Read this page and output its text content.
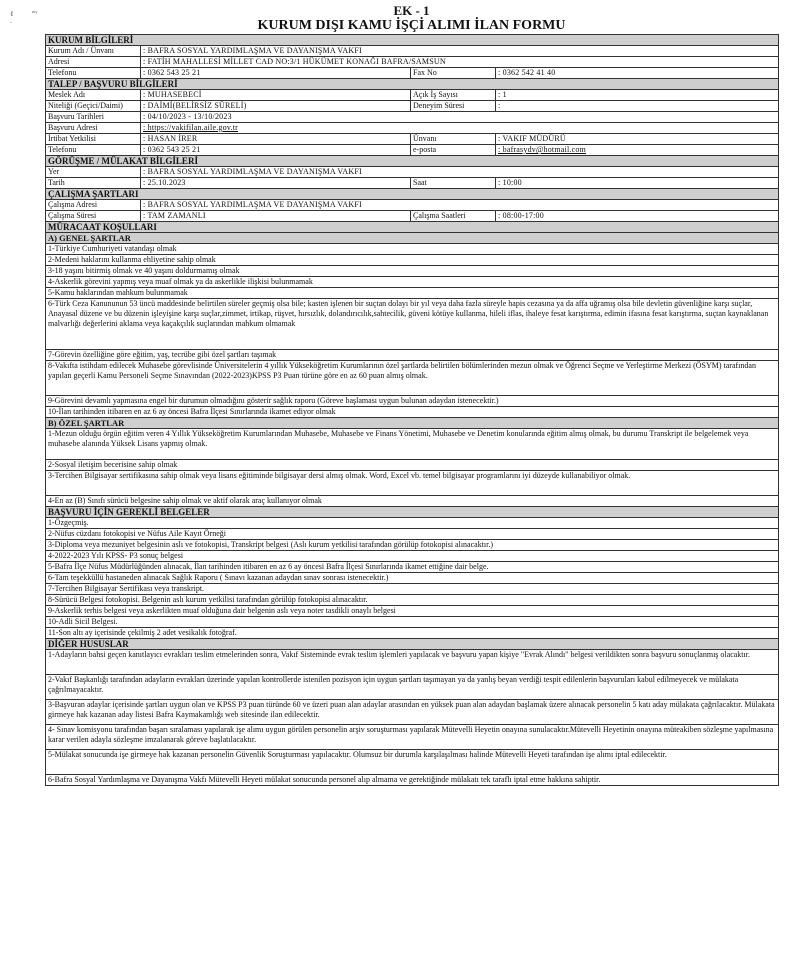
ℓ	ᵐᵞ
.
EK - 1
KURUM DIŞI KAMU İŞÇİ ALIMI İLAN FORMU
KURUM BİLGİLERİ			
Kurum Adı / Ünvanı	: BAFRA SOSYAL YARDIMLAŞMA VE DAYANIŞMA VAKFI		
Adresi	: FATİH MAHALLESİ MİLLET CAD NO:3/1 HÜKÜMET KONAĞI BAFRA/SAMSUN		
Telefonu	: 0362 543 25 21	Fax No	: 0362 542 41 40
TALEP / BAŞVURU BİLGİLERİ			
Meslek Adı	: MUHASEBECİ	Açık İş Sayısı	: 1
Niteliği (Geçici/Daimi)	: DAİMİ(BELİRSİZ SÜRELİ)	Deneyim Süresi	:
Başvuru Tarihleri	: 04/10/2023 - 13/10/2023		
Başvuru Adresi	: https://vakifilan.aile.gov.tr		
İrtibat Yetkilisi	: HASAN İRER	Ünvanı	: VAKIF MÜDÜRÜ
Telefonu	: 0362 543 25 21	e-posta	: bafrasydv@hotmail.com
GÖRÜŞME / MÜLAKAT BİLGİLERİ			
Yer	: BAFRA SOSYAL YARDIMLAŞMA VE DAYANIŞMA VAKFI		
Tarih	: 25.10.2023	Saat	: 10:00
ÇALIŞMA ŞARTLARI			
Çalışma Adresi	: BAFRA SOSYAL YARDIMLAŞMA VE DAYANIŞMA VAKFI		
Çalışma Süresi	: TAM ZAMANLI	Çalışma Saatleri	: 08:00-17:00
MÜRACAAT KOŞULLARI			
A) GENEL ŞARTLAR			
1-Türkiye Cumhuriyeti vatandaşı olmak			
2-Medeni haklarını kullanma ehliyetine sahip olmak			
3-18 yaşını bitirmiş olmak ve 40 yaşını doldurmamış olmak			
4-Askerlik görevini yapmış veya muaf olmak ya da askerlikle ilişkisi bulunmamak			
5-Kamu haklarından mahkum bulunmamak			
6-Türk Ceza Kanununun 53 üncü maddesinde belirtilen süreler geçmiş olsa bile; kasten işlenen bir suçtan dolayı bir yıl veya daha fazla süreyle hapis cezasına ya da affa uğramış olsa bile devletin güvenliğine karşı suçlar, Anayasal düzene ve bu düzenin işleyişine karşı suçlar,zimmet, irtikap, rüşvet, hırsızlık, dolandırıcılık,sahtecilik, güveni kötüye kullanma, hileli iflas, ihaleye fesat karıştırma, edimin ifasına fesat karıştırma, suçtan kaynaklanan malvarlığı değerlerini aklama veya kaçakçılık suçlarından mahkum olmamak			
7-Görevin özelliğine göre eğitim, yaş, tecrübe gibi özel şartları taşımak			
8-Vakıfta istihdam edilecek Muhasebe görevlisinde Üniversitelerin 4 yıllık Yükseköğretim Kurumlarının özel şartlarda belirtilen bölümlerinden mezun olmak ve Öğrenci Seçme ve Yerleştirme Merkezi (ÖSYM) tarafından yapılan geçerli Kamu Personeli Seçme Sınavından (2022-2023)KPSS P3 Puan türüne göre en az 60 puan almış olmak.			
9-Görevini devamlı yapmasına engel bir durumun olmadığını gösterir sağlık raporu (Göreve başlaması uygun bulunan adaydan istenecektir.)			
10-İlan tarihinden itibaren en az 6 ay öncesi Bafra İlçesi Sınırlarında ikamet ediyor olmak			
B) ÖZEL ŞARTLAR			
1-Mezun olduğu örgün eğitim veren 4 Yıllık Yükseköğretim Kurumlarından Muhasebe, Muhasebe ve Finans Yönetimi, Muhasebe ve Denetim konularında eğitim almış olmak, bu durumu Transkript ile belgelemek veya muhasebe alanında Yüksek Lisans yapmış olmak.			
2-Sosyal iletişim becerisine sahip olmak			
3-Tercihen Bilgisayar sertifikasına sahip olmak veya lisans eğitiminde bilgisayar dersi almış olmak. Word, Excel vb. temel bilgisayar programlarını iyi düzeyde kullanabiliyor olmak.			
4-En az (B) Sınıfı sürücü belgesine sahip olmak ve aktif olarak araç kullanıyor olmak			
BAŞVURU İÇİN GEREKLİ BELGELER			
1-Özgeçmiş.			
2-Nüfus cüzdanı fotokopisi ve Nüfus Aile Kayıt Örneği			
3-Diploma veya mezuniyet belgesinin aslı ve fotokopisi, Transkript belgesi (Aslı kurum yetkilisi tarafından görülüp fotokopisi alınacaktır.)			
4-2022-2023 Yılı KPSS- P3 sonuç belgesi			
5-Bafra İlçe Nüfus Müdürlüğünden alınacak, İlan tarihinden itibaren en az 6 ay öncesi Bafra İlçesi Sınırlarında ikamet ettiğine dair belge.			
6-Tam teşekküllü hastaneden alınacak Sağlık Raporu ( Sınavı kazanan adaydan sınav sonrası istenecektir.)			
7-Tercihen Bilgisayar Sertifikası veya transkript.			
8-Sürücü Belgesi fotokopisi. Belgenin aslı kurum yetkilisi tarafından görülüp fotokopisi alınacaktır.			
9-Askerlik terhis belgesi veya askerlikten muaf olduğuna dair belgenin aslı veya noter tasdikli onaylı belgesi			
10-Adli Sicil Belgesi.			
11-Son altı ay içerisinde çekilmiş 2 adet vesikalık fotoğraf.			
DİĞER HUSUSLAR			
1-Adayların bahsi geçen kanıtlayıcı evrakları teslim etmelerinden sonra, Vakıf Sisteminde evrak teslim işlemleri yapılacak ve başvuru yapan kişiye "Evrak Alındı" belgesi verildikten sonra başvuru sonuçlanmış olacaktır.			
2-Vakıf Başkanlığı tarafından adayların evrakları üzerinde yapılan kontrollerde istenilen pozisyon için uygun şartları taşımayan ya da yanlış beyan verdiği tespit edilenlerin başvuruları kabul edilmeyecek ve mülakata çağrılmayacaktır.			
3-Başvuran adaylar içerisinde şartları uygun olan ve KPSS P3 puan türünde 60 ve üzeri puan alan adaylar arasından en yüksek puan alan adaydan başlamak üzere alınacak personelin 5 katı aday mülakata çağrılacaktır. Mülakata girmeye hak kazanan aday listesi Bafra Kaymakamlığı web sitesinde ilan edilecektir.			
4- Sınav komisyonu tarafından başarı sıralaması yapılarak işe alımı uygun görülen personelin arşiv soruşturması yapılarak Mütevelli Heyetin onayına sunulacaktır.Mütevelli Heyetinin onayına müteakiben sözleşme yapılmasına karar verilen adayla sözleşme imzalanarak göreve başlatılacaktır.			
5-Mülakat sonucunda işe girmeye hak kazanan personelin Güvenlik Soruşturması yapılacaktır. Olumsuz bir durumla karşılaşılması halinde Mütevelli Heyeti tarafından işe alımı iptal edilecektir.			
6-Bafra Sosyal Yardımlaşma ve Dayanışma Vakfı Mütevelli Heyeti mülakat sonucunda personel alıp almama ve gerektiğinde mülakatı tek taraflı iptal etme hakkına sahiptir.			
